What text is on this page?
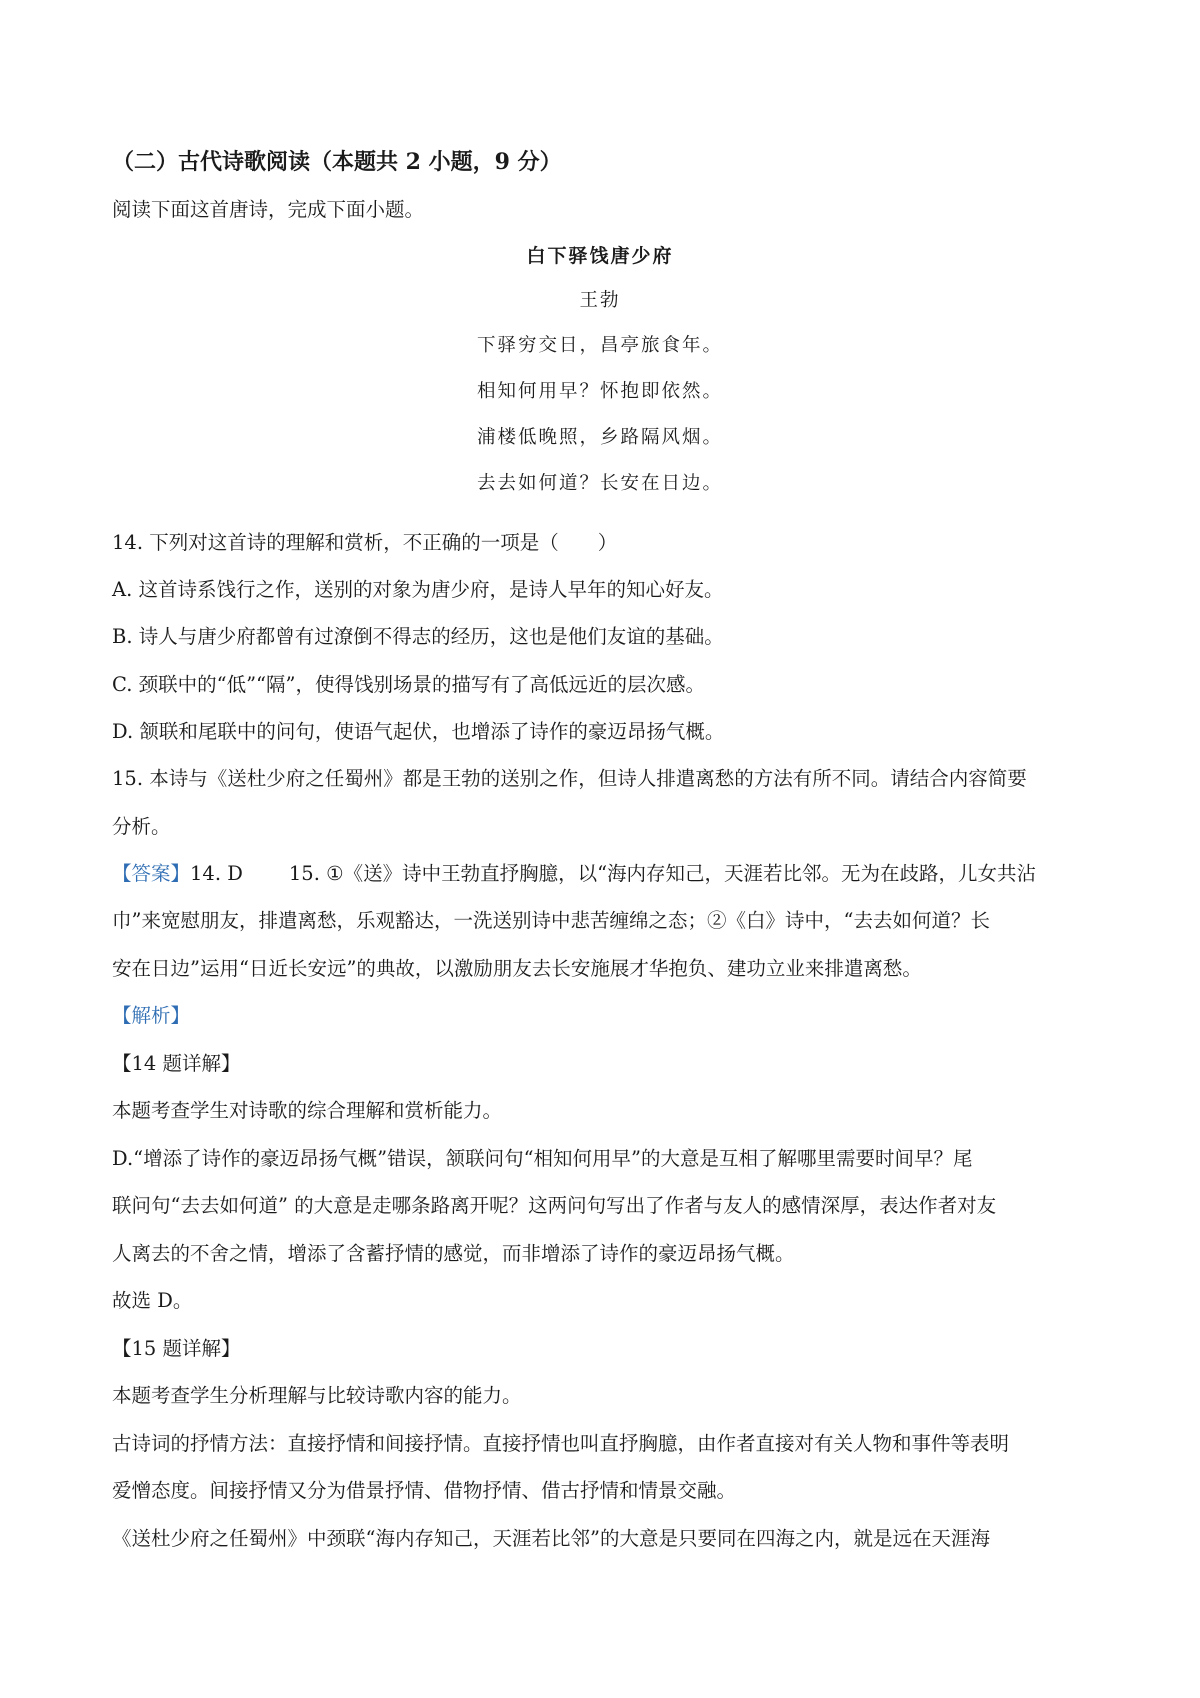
（二）古代诗歌阅读（本题共 2 小题，9 分）
阅读下面这首唐诗，完成下面小题。
白下驿饯唐少府
王勃
下驿穷交日，昌亭旅食年。
相知何用早？怀抱即依然。
浦楼低晚照，乡路隔风烟。
去去如何道？长安在日边。
14. 下列对这首诗的理解和赏析，不正确的一项是（　　）
A. 这首诗系饯行之作，送别的对象为唐少府，是诗人早年的知心好友。
B. 诗人与唐少府都曾有过潦倒不得志的经历，这也是他们友谊的基础。
C. 颈联中的“低”“隔”，使得饯别场景的描写有了高低远近的层次感。
D. 颔联和尾联中的问句，使语气起伏，也增添了诗作的豪迈昂扬气概。
15. 本诗与《送杜少府之任蜀州》都是王勃的送别之作，但诗人排遣离愁的方法有所不同。请结合内容简要
分析。
【答案】14. D 15. ①《送》诗中王勃直抒胸臆，以“海内存知己，天涯若比邻。无为在歧路，儿女共沾
巾”来宽慰朋友，排遣离愁，乐观豁达，一洗送别诗中悲苦缠绵之态；②《白》诗中，“去去如何道？长
安在日边”运用“日近长安远”的典故，以激励朋友去长安施展才华抱负、建功立业来排遣离愁。
【解析】
【14 题详解】
本题考查学生对诗歌的综合理解和赏析能力。
D.“增添了诗作的豪迈昂扬气概”错误，颔联问句“相知何用早”的大意是互相了解哪里需要时间早？尾
联问句“去去如何道” 的大意是走哪条路离开呢？这两问句写出了作者与友人的感情深厚，表达作者对友
人离去的不舍之情，增添了含蓄抒情的感觉，而非增添了诗作的豪迈昂扬气概。
故选 D。
【15 题详解】
本题考查学生分析理解与比较诗歌内容的能力。
古诗词的抒情方法：直接抒情和间接抒情。直接抒情也叫直抒胸臆，由作者直接对有关人物和事件等表明
爱憎态度。间接抒情又分为借景抒情、借物抒情、借古抒情和情景交融。
《送杜少府之任蜀州》中颈联“海内存知己，天涯若比邻”的大意是只要同在四海之内，就是远在天涯海
